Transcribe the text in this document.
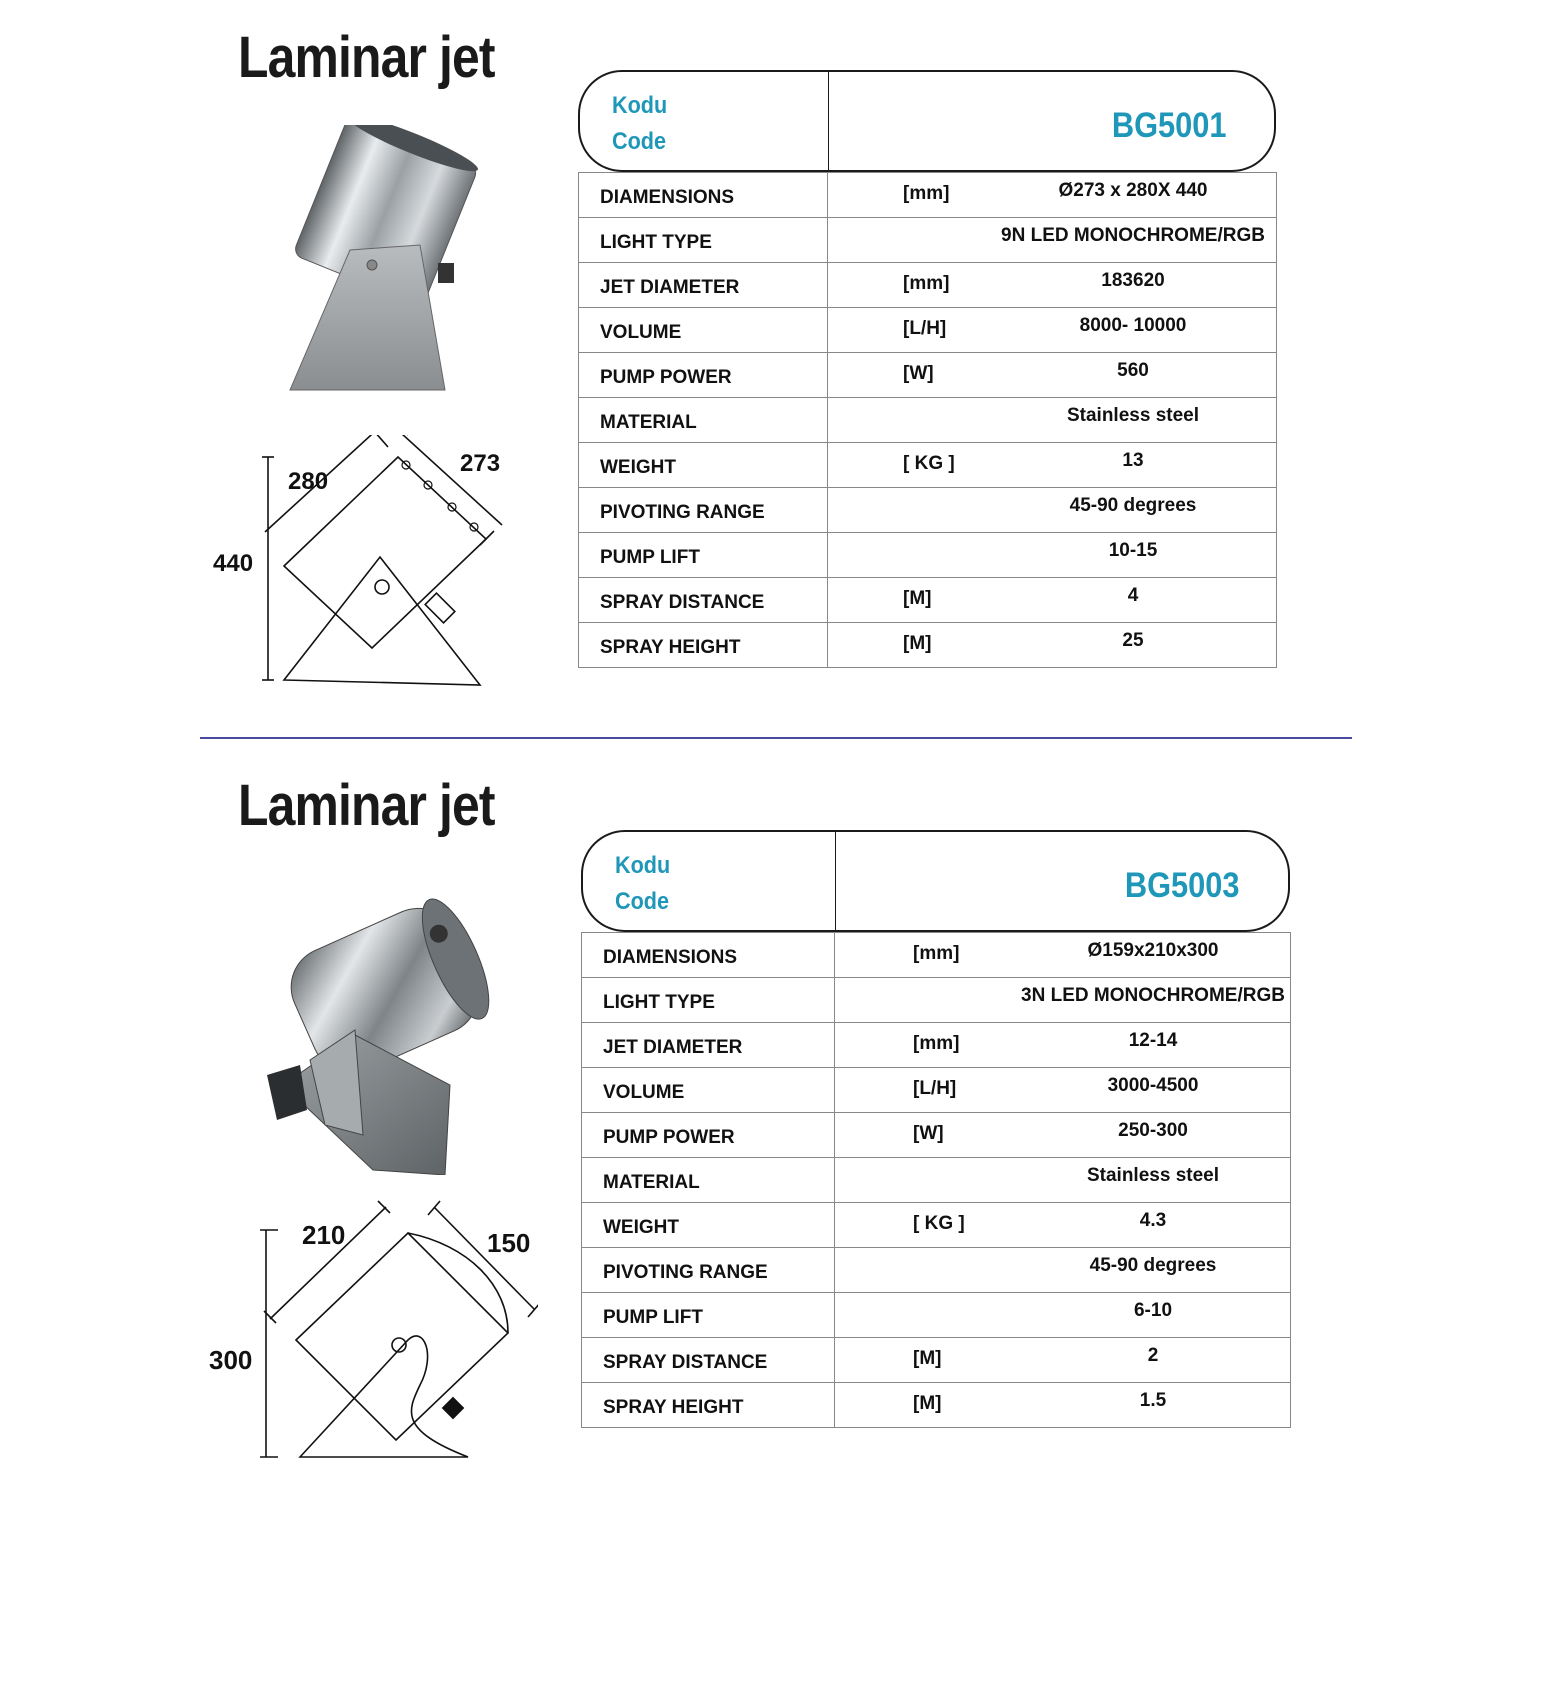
Laminar jet
440
280
273
Kodu
Code	BG5001
DIAMENSIONS	[mm] Ø273 x 280X 440

LIGHT TYPE	9N LED MONOCHROME/RGB

JET DIAMETER	[mm] 183620

VOLUME	[L/H] 8000- 10000

PUMP POWER	[W] 560

MATERIAL	Stainless steel

WEIGHT	[ KG ] 13

PIVOTING RANGE	45-90 degrees

PUMP LIFT	10-15

SPRAY DISTANCE	[M] 4

SPRAY HEIGHT	[M] 25
Laminar jet
300
210	150
Kodu
Code	BG5003
DIAMENSIONS	[mm] Ø159x210x300

LIGHT TYPE	3N LED MONOCHROME/RGB

JET DIAMETER	[mm] 12-14

VOLUME	[L/H] 3000-4500

PUMP POWER	[W] 250-300

MATERIAL	Stainless steel

WEIGHT	[ KG ] 4.3

PIVOTING RANGE	45-90 degrees

PUMP LIFT	6-10

SPRAY DISTANCE	[M] 2

SPRAY HEIGHT	[M] 1.5
